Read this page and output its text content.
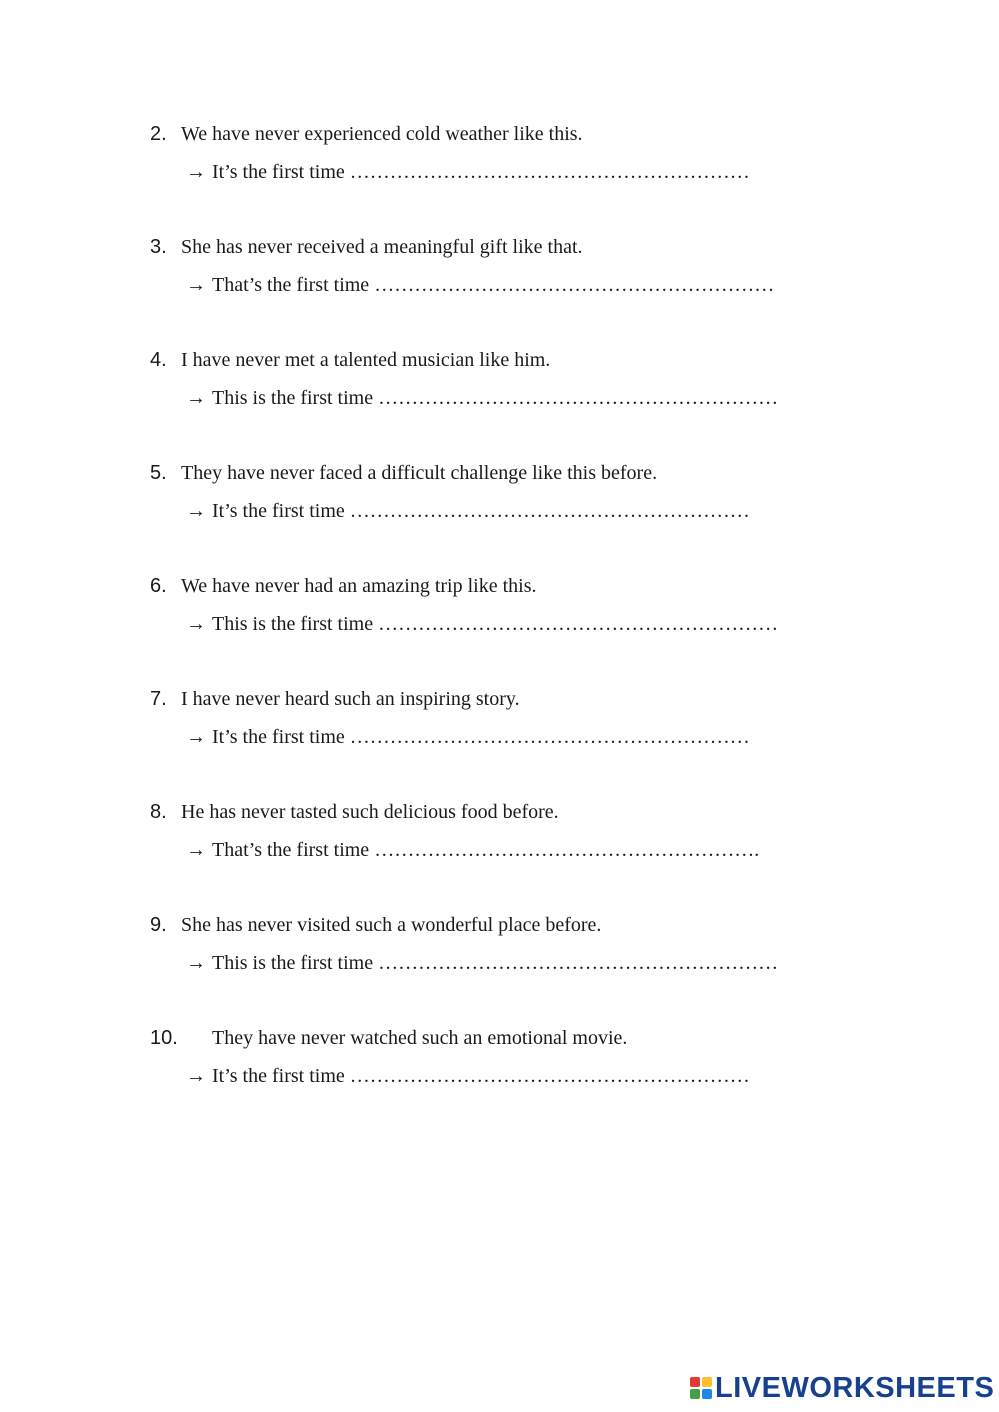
2. We have never experienced cold weather like this.
→ It’s the first time ……………………………………………………
3. She has never received a meaningful gift like that.
→ That’s the first time ……………………………………………………
4. I have never met a talented musician like him.
→ This is the first time ……………………………………………………
5. They have never faced a difficult challenge like this before.
→ It’s the first time ……………………………………………………
6. We have never had an amazing trip like this.
→ This is the first time ……………………………………………………
7. I have never heard such an inspiring story.
→ It’s the first time ……………………………………………………
8. He has never tasted such delicious food before.
→ That’s the first time ………………………………………………….
9. She has never visited such a wonderful place before.
→ This is the first time ……………………………………………………
10. They have never watched such an emotional movie.
→ It’s the first time ……………………………………………………
LIVEWORKSHEETS
